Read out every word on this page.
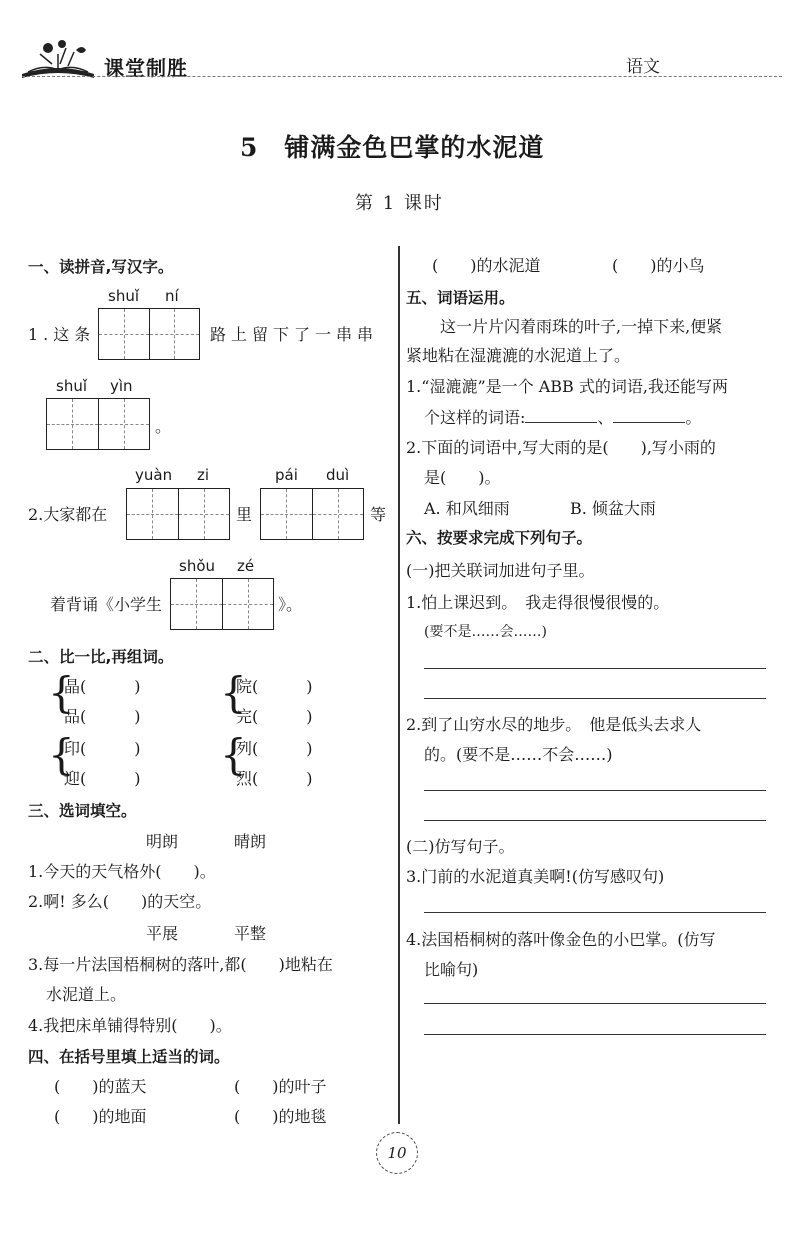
课堂制胜	语文
5　铺满金色巴掌的水泥道
第 1 课时
一、读拼音,写汉字。
shuǐ ní
1.这条	路上留下了一串串
shuǐ yìn
。
yuàn zi	pái duì
2.大家都在	里	等
shǒu zé
着背诵《小学生	》。
二、比一比,再组词。
{
晶(　　　)
品(　　　) {
院(　　　)
完(　　　)
{
印(　　　)
迎(　　　) {
列(　　　)
烈(　　　)
三、选词填空。
明朗	晴朗
1.今天的天气格外(　　)。
2.啊! 多么(　　)的天空。
平展	平整
3.每一片法国梧桐树的落叶,都(　　)地粘在
水泥道上。
4.我把床单铺得特别(　　)。
四、在括号里填上适当的词。
(　　)的蓝天	(　　)的叶子
(　　)的地面	(　　)的地毯
(　　)的水泥道	(　　)的小鸟
五、词语运用。
这一片片闪着雨珠的叶子,一掉下来,便紧
紧地粘在湿漉漉的水泥道上了。
1.“湿漉漉”是一个 ABB 式的词语,我还能写两
个这样的词语:	、	。
2.下面的词语中,写大雨的是(　　),写小雨的
是(　　)。
A. 和风细雨	B. 倾盆大雨
六、按要求完成下列句子。
(一)把关联词加进句子里。
1.怕上课迟到。　我走得很慢很慢的。
(要不是……会……)
2.到了山穷水尽的地步。　他是低头去求人
的。(要不是……不会……)
(二)仿写句子。
3.门前的水泥道真美啊!(仿写感叹句)
4.法国梧桐树的落叶像金色的小巴掌。(仿写
比喻句)
10
